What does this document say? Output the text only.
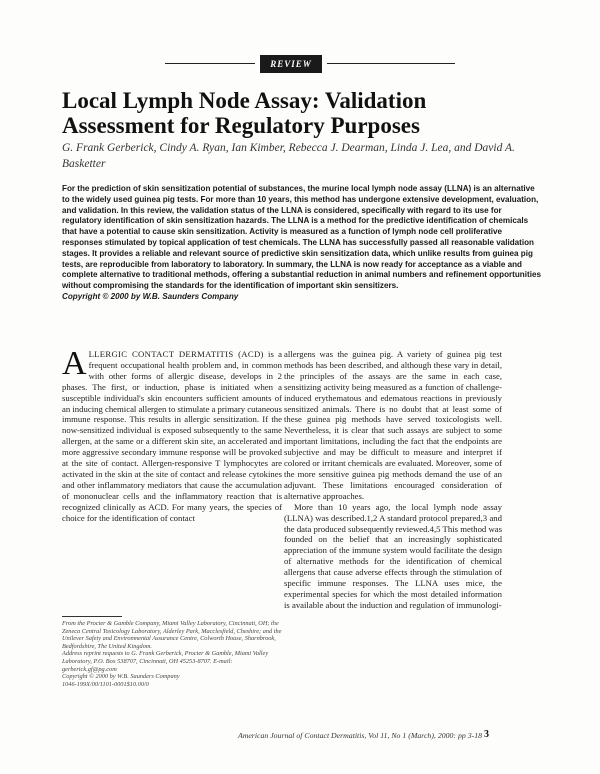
REVIEW
Local Lymph Node Assay: Validation Assessment for Regulatory Purposes
G. Frank Gerberick, Cindy A. Ryan, Ian Kimber, Rebecca J. Dearman, Linda J. Lea, and David A. Basketter
For the prediction of skin sensitization potential of substances, the murine local lymph node assay (LLNA) is an alternative to the widely used guinea pig tests. For more than 10 years, this method has undergone extensive development, evaluation, and validation. In this review, the validation status of the LLNA is considered, specifically with regard to its use for regulatory identification of skin sensitization hazards. The LLNA is a method for the predictive identification of chemicals that have a potential to cause skin sensitization. Activity is measured as a function of lymph node cell proliferative responses stimulated by topical application of test chemicals. The LLNA has successfully passed all reasonable validation stages. It provides a reliable and relevant source of predictive skin sensitization data, which unlike results from guinea pig tests, are reproducible from laboratory to laboratory. In summary, the LLNA is now ready for acceptance as a viable and complete alternative to traditional methods, offering a substantial reduction in animal numbers and refinement opportunities without compromising the standards for the identification of important skin sensitizers.
Copyright © 2000 by W.B. Saunders Company
ALLERGIC CONTACT DERMATITIS (ACD) is a frequent occupational health problem and, in common with other forms of allergic disease, develops in 2 phases. The first, or induction, phase is initiated when a susceptible individual's skin encounters sufficient amounts of an inducing chemical allergen to stimulate a primary cutaneous immune response. This results in allergic sensitization. If the now-sensitized individual is exposed subsequently to the same allergen, at the same or a different skin site, an accelerated and more aggressive secondary immune response will be provoked at the site of contact. Allergen-responsive T lymphocytes are activated in the skin at the site of contact and release cytokines and other inflammatory mediators that cause the accumulation of mononuclear cells and the inflammatory reaction that is recognized clinically as ACD. For many years, the species of choice for the identification of contact
allergens was the guinea pig. A variety of guinea pig test methods has been described, and although these vary in detail, the principles of the assays are the same in each case, sensitizing activity being measured as a function of challenge-induced erythematous and edematous reactions in previously sensitized animals. There is no doubt that at least some of these guinea pig methods have served toxicologists well. Nevertheless, it is clear that such assays are subject to some important limitations, including the fact that the endpoints are subjective and may be difficult to measure and interpret if colored or irritant chemicals are evaluated. Moreover, some of the more sensitive guinea pig methods demand the use of an adjuvant. These limitations encouraged consideration of alternative approaches.
More than 10 years ago, the local lymph node assay (LLNA) was described.1,2 A standard protocol prepared,3 and the data produced subsequently reviewed.4,5 This method was founded on the belief that an increasingly sophisticated appreciation of the immune system would facilitate the design of alternative methods for the identification of chemical allergens that cause adverse effects through the stimulation of specific immune responses. The LLNA uses mice, the experimental species for which the most detailed information is available about the induction and regulation of immunologi-
From the Procter & Gamble Company, Miami Valley Laboratory, Cincinnati, OH; the Zeneca Central Toxicology Laboratory, Alderley Park, Macclesfield, Cheshire; and the Unilever Safety and Environmental Assurance Centre, Colworth House, Sharnbrook, Bedfordshire, The United Kingdom.
Address reprint requests to G. Frank Gerberick, Procter & Gamble, Miami Valley Laboratory, P.O. Box 538707, Cincinnati, OH 45253-8707. E-mail: gerberick.gf@pg.com
Copyright © 2000 by W.B. Saunders Company
1046-199X/00/1101-0001$10.00/0
American Journal of Contact Dermatitis, Vol 11, No 1 (March), 2000: pp 3-18 3
